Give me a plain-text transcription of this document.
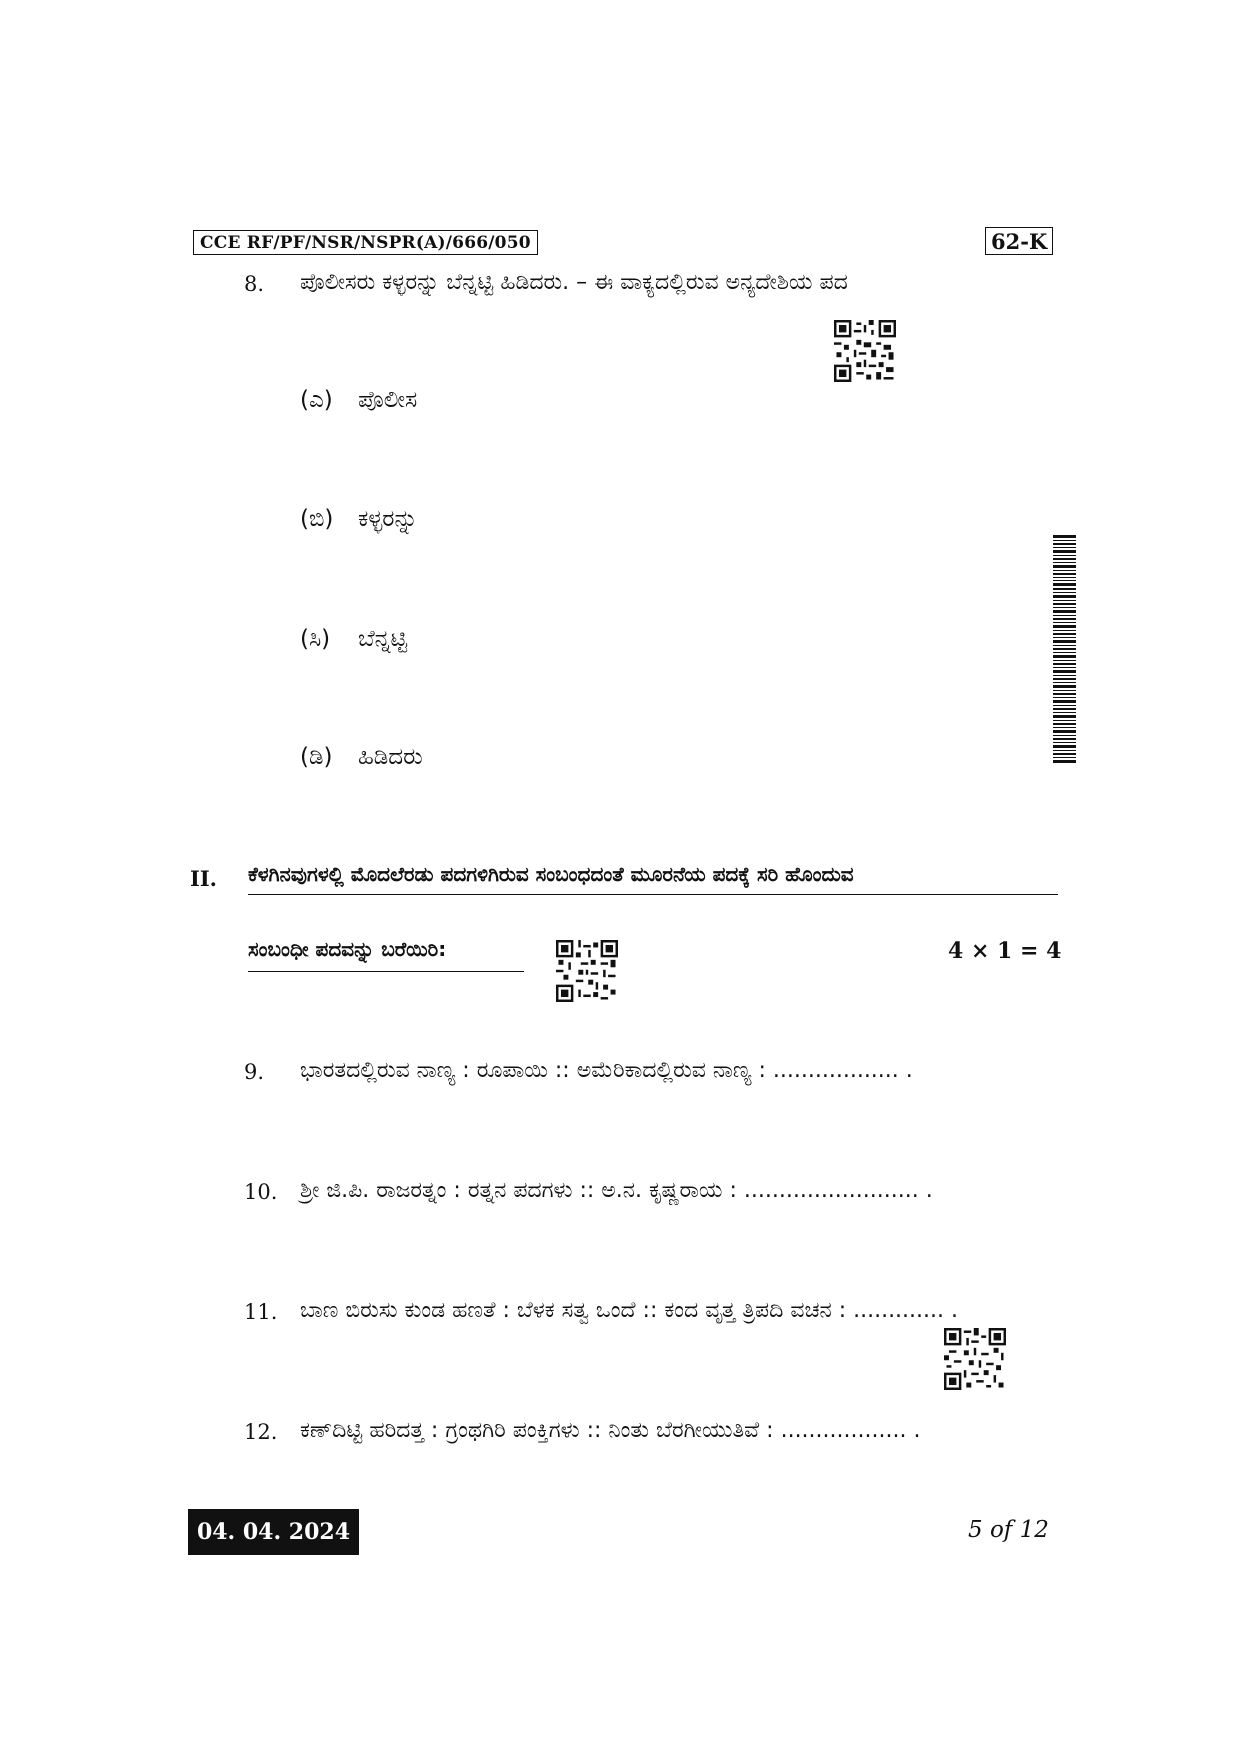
CCE RF/PF/NSR/NSPR(A)/666/050	62-K
8. ಪೊಲೀಸರು ಕಳ್ಳರನ್ನು ಬೆನ್ನಟ್ಟಿ ಹಿಡಿದರು. – ಈ ವಾಕ್ಯದಲ್ಲಿರುವ ಅನ್ಯದೇಶಿಯ ಪದ
(ಎ) ಪೊಲೀಸ
(ಬಿ) ಕಳ್ಳರನ್ನು
(ಸಿ) ಬೆನ್ನಟ್ಟಿ
(ಡಿ) ಹಿಡಿದರು
II. ಕೆಳಗಿನವುಗಳಲ್ಲಿ ಮೊದಲೆರಡು ಪದಗಳಿಗಿರುವ ಸಂಬಂಧದಂತೆ ಮೂರನೆಯ ಪದಕ್ಕೆ ಸರಿ ಹೊಂದುವ
ಸಂಬಂಧೀ ಪದವನ್ನು ಬರೆಯಿರಿ:	4 × 1 = 4
9. ಭಾರತದಲ್ಲಿರುವ ನಾಣ್ಯ : ರೂಪಾಯಿ :: ಅಮೆರಿಕಾದಲ್ಲಿರುವ ನಾಣ್ಯ : .................. .
10. ಶ್ರೀ ಜಿ.ಪಿ. ರಾಜರತ್ನಂ : ರತ್ನನ ಪದಗಳು :: ಅ.ನ. ಕೃಷ್ಣರಾಯ : ......................... .
11. ಬಾಣ ಬಿರುಸು ಕುಂಡ ಹಣತೆ : ಬೆಳಕ ಸತ್ವ ಒಂದೆ :: ಕಂದ ವೃತ್ತ ತ್ರಿಪದಿ ವಚನ : ............. .
12. ಕಣ್‌ದಿಟ್ಟಿ ಹರಿದತ್ತ : ಗ್ರಂಥಗಿರಿ ಪಂಕ್ತಿಗಳು :: ನಿಂತು ಬೆರಗೀಯುತಿವೆ : .................. .
04. 04. 2024	5 of 12
